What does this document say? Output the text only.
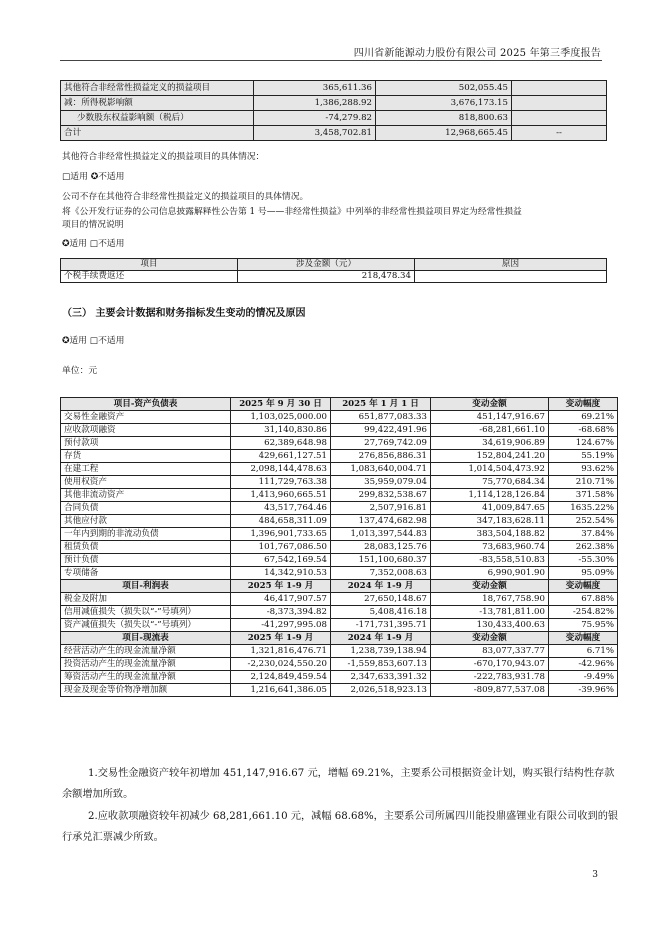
四川省新能源动力股份有限公司 2025 年第三季度报告
其他符合非经常性损益定义的损益项目	365,611.36	502,055.45	
减：所得税影响额	1,386,288.92	3,676,173.15	
少数股东权益影响额（税后）	-74,279.82	818,800.63	
合计	3,458,702.81	12,968,665.45	--
其他符合非经常性损益定义的损益项目的具体情况：
□适用 ✪不适用
公司不存在其他符合非经常性损益定义的损益项目的具体情况。
将《公开发行证券的公司信息披露解释性公告第 1 号——非经常性损益》中列举的非经常性损益项目界定为经常性损益
项目的情况说明
✪适用 □不适用
项目	涉及金额（元）	原因
个税手续费返还	218,478.34	
（三） 主要会计数据和财务指标发生变动的情况及原因
✪适用 □不适用
单位：元
项目-资产负债表	2025 年 9 月 30 日	2025 年 1 月 1 日	变动金额	变动幅度
交易性金融资产	1,103,025,000.00	651,877,083.33	451,147,916.67	69.21%
应收款项融资	31,140,830.86	99,422,491.96	-68,281,661.10	-68.68%
预付款项	62,389,648.98	27,769,742.09	34,619,906.89	124.67%
存货	429,661,127.51	276,856,886.31	152,804,241.20	55.19%
在建工程	2,098,144,478.63	1,083,640,004.71	1,014,504,473.92	93.62%
使用权资产	111,729,763.38	35,959,079.04	75,770,684.34	210.71%
其他非流动资产	1,413,960,665.51	299,832,538.67	1,114,128,126.84	371.58%
合同负债	43,517,764.46	2,507,916.81	41,009,847.65	1635.22%
其他应付款	484,658,311.09	137,474,682.98	347,183,628.11	252.54%
一年内到期的非流动负债	1,396,901,733.65	1,013,397,544.83	383,504,188.82	37.84%
租赁负债	101,767,086.50	28,083,125.76	73,683,960.74	262.38%
预计负债	67,542,169.54	151,100,680.37	-83,558,510.83	-55.30%
专项储备	14,342,910.53	7,352,008.63	6,990,901.90	95.09%
项目-利润表	2025 年 1-9 月	2024 年 1-9 月	变动金额	变动幅度
税金及附加	46,417,907.57	27,650,148.67	18,767,758.90	67.88%
信用减值损失（损失以“-”号填列）	-8,373,394.82	5,408,416.18	-13,781,811.00	-254.82%
资产减值损失（损失以“-”号填列）	-41,297,995.08	-171,731,395.71	130,433,400.63	75.95%
项目-现流表	2025 年 1-9 月	2024 年 1-9 月	变动金额	变动幅度
经营活动产生的现金流量净额	1,321,816,476.71	1,238,739,138.94	83,077,337.77	6.71%
投资活动产生的现金流量净额	-2,230,024,550.20	-1,559,853,607.13	-670,170,943.07	-42.96%
筹资活动产生的现金流量净额	2,124,849,459.54	2,347,633,391.32	-222,783,931.78	-9.49%
现金及现金等价物净增加额	1,216,641,386.05	2,026,518,923.13	-809,877,537.08	-39.96%
1.交易性金融资产较年初增加 451,147,916.67 元，增幅 69.21%，主要系公司根据资金计划，购买银行结构性存款余额增加所致。
2.应收款项融资较年初减少 68,281,661.10 元，减幅 68.68%，主要系公司所属四川能投鼎盛锂业有限公司收到的银行承兑汇票减少所致。
3
